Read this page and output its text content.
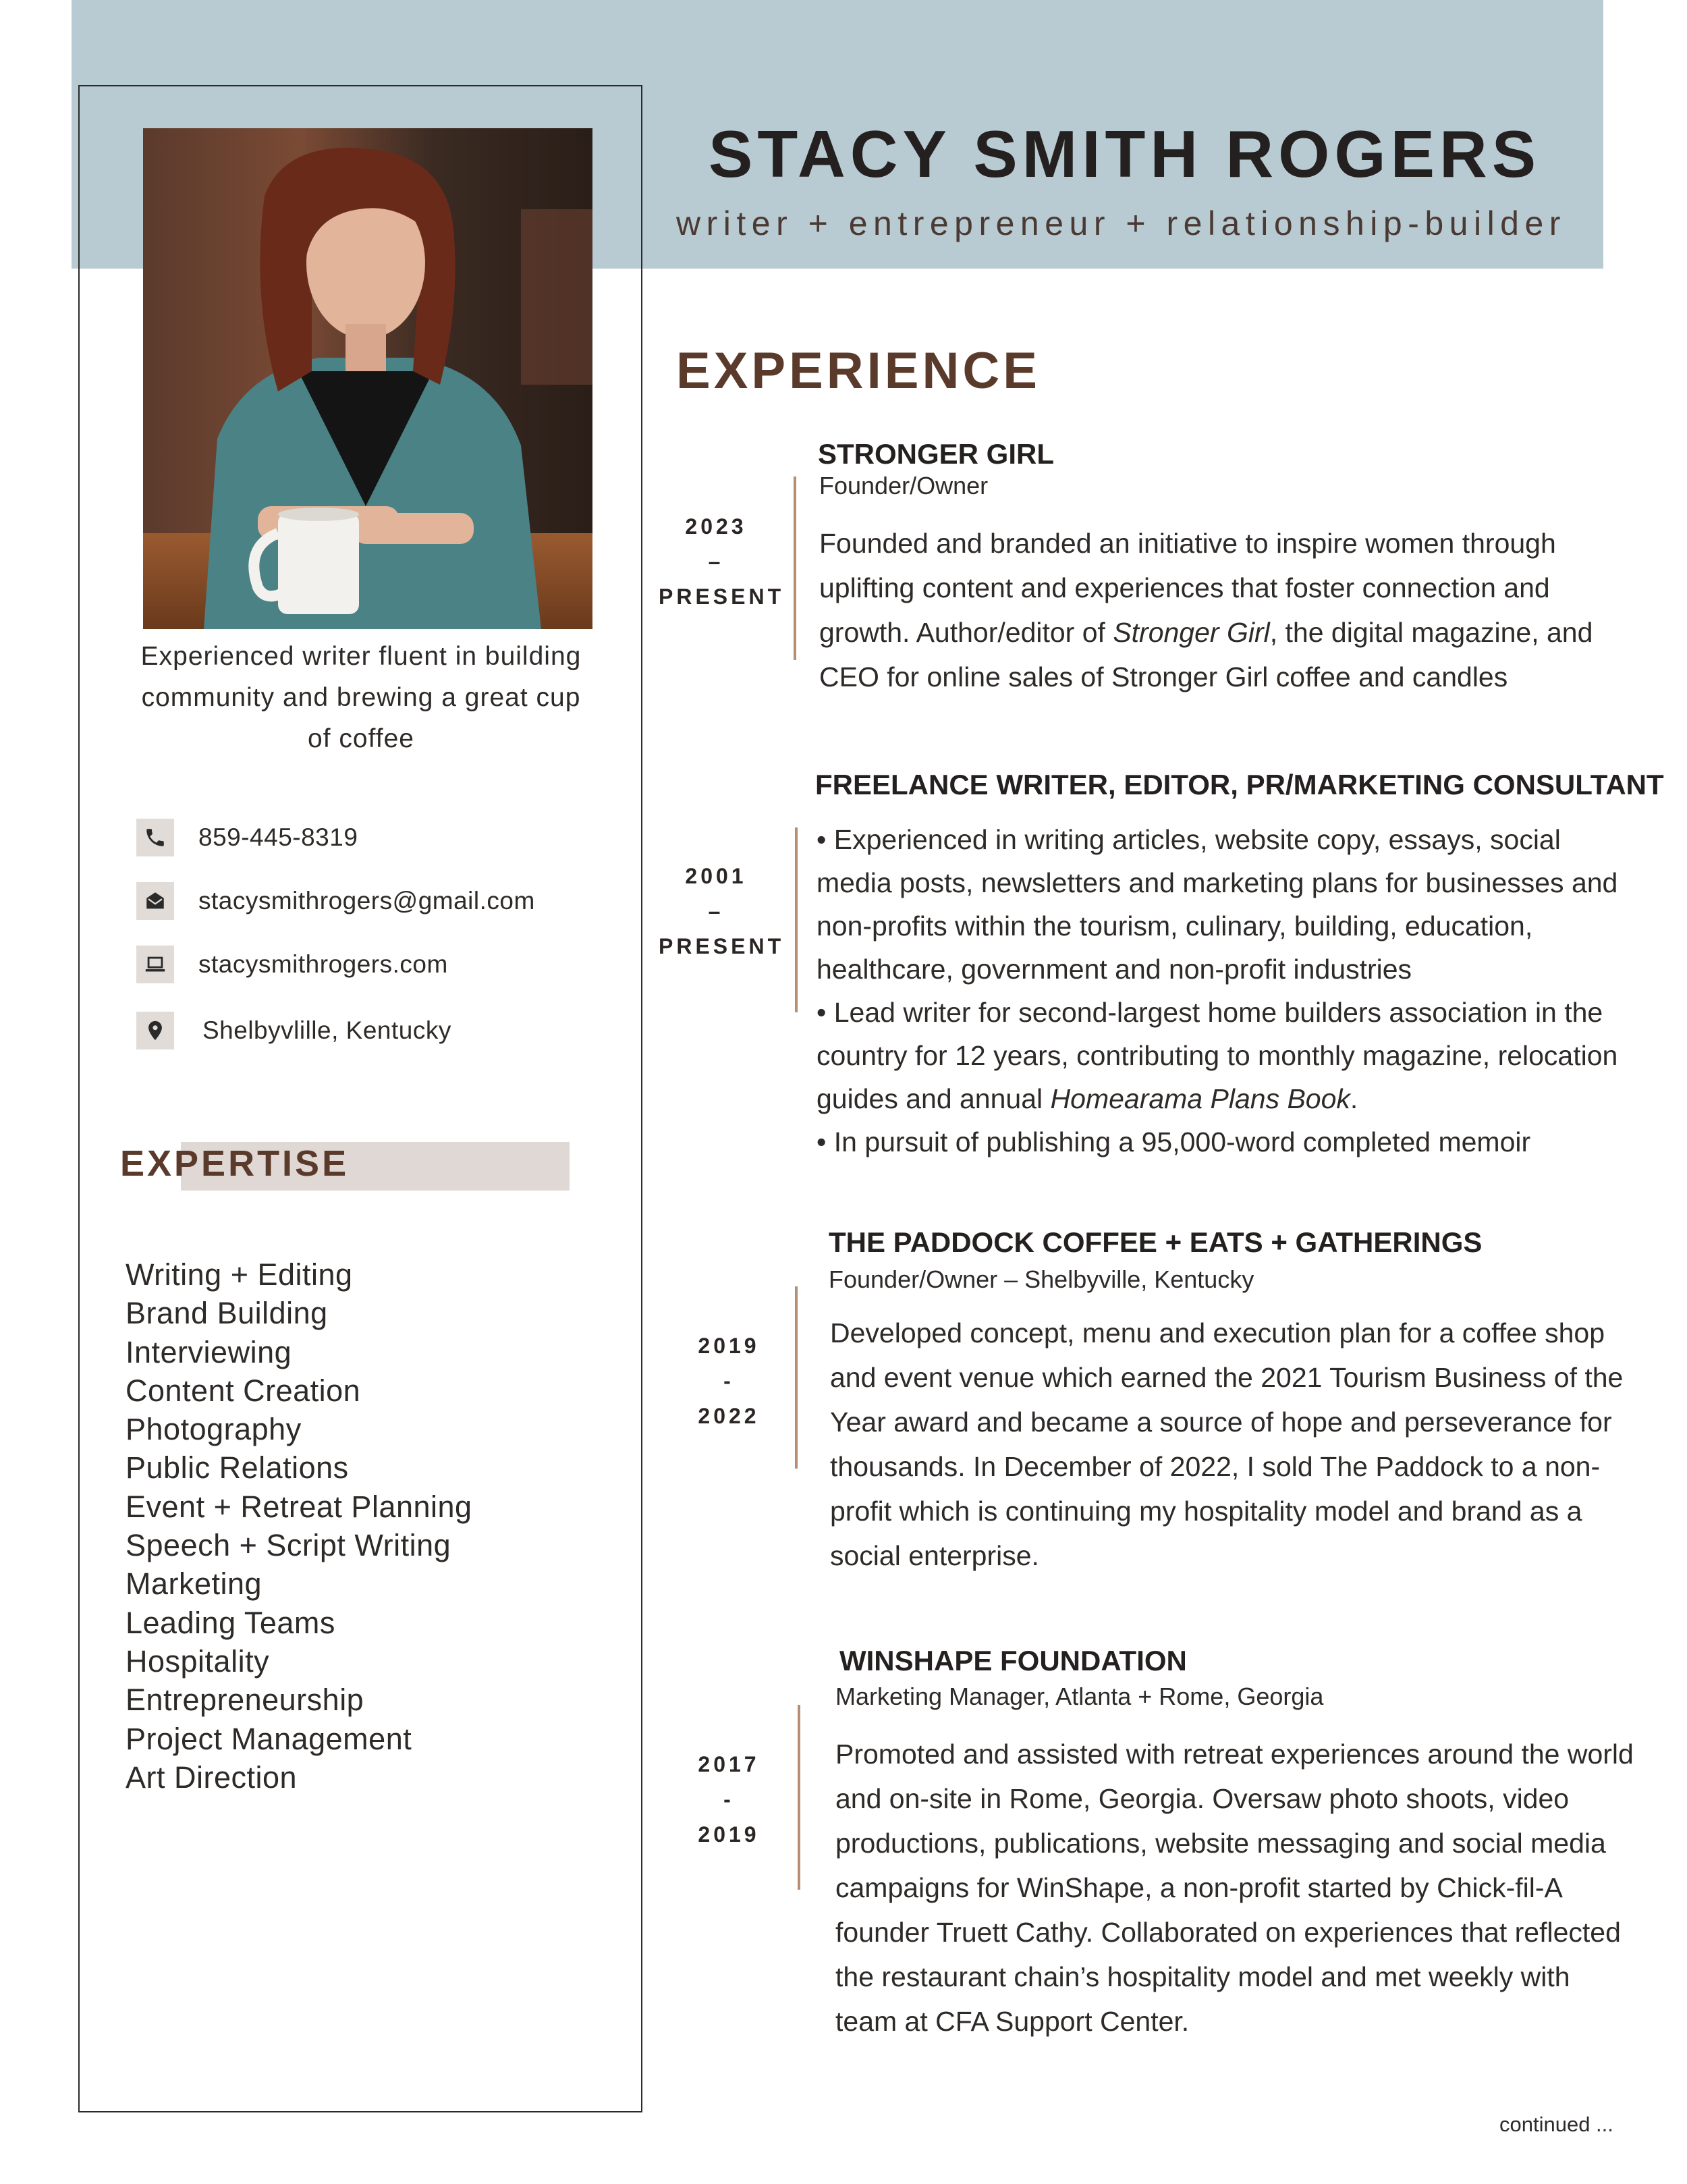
Experienced writer fluent in building community and brewing a great cup of coffee
859-445-8319
stacysmithrogers@gmail.com
stacysmithrogers.com
Shelbyvlille, Kentucky
EXPERTISE
Writing + Editing
Brand Building
Interviewing
Content Creation
Photography
Public Relations
Event + Retreat Planning
Speech + Script Writing
Marketing
Leading Teams
Hospitality
Entrepreneurship
Project Management
Art Direction
STACY SMITH ROGERS
writer + entrepreneur + relationship-builder
EXPERIENCE
STRONGER GIRL
Founder/Owner
2023
–
PRESENT

Founded and branded an initiative to inspire women through uplifting content and experiences that foster connection and growth. Author/editor of Stronger Girl, the digital magazine, and CEO for online sales of Stronger Girl coffee and candles

FREELANCE WRITER, EDITOR, PR/MARKETING CONSULTANT
2001
–
PRESENT

• Experienced in writing articles, website copy, essays, social media posts, newsletters and marketing plans for businesses and non-profits within the tourism, culinary, building, education, healthcare, government and non-profit industries

• Lead writer for second-largest home builders association in the country for 12 years, contributing to monthly magazine, relocation guides and annual Homearama Plans Book.

• In pursuit of publishing a 95,000-word completed memoir

THE PADDOCK COFFEE + EATS + GATHERINGS
Founder/Owner – Shelbyville, Kentucky
2019
-
2022
Developed concept, menu and execution plan for a coffee shop and event venue which earned the 2021 Tourism Business of the Year award and became a source of hope and perseverance for thousands. In December of 2022, I sold The Paddock to a non-profit which is continuing my hospitality model and brand as a social enterprise.
WINSHAPE FOUNDATION
Marketing Manager, Atlanta + Rome, Georgia
2017
-
2019
Promoted and assisted with retreat experiences around the world and on-site in Rome, Georgia. Oversaw photo shoots, video productions, publications, website messaging and social media campaigns for WinShape, a non-profit started by Chick-fil-A founder Truett Cathy. Collaborated on experiences that reflected the restaurant chain’s hospitality model and met weekly with team at CFA Support Center.
continued ...
